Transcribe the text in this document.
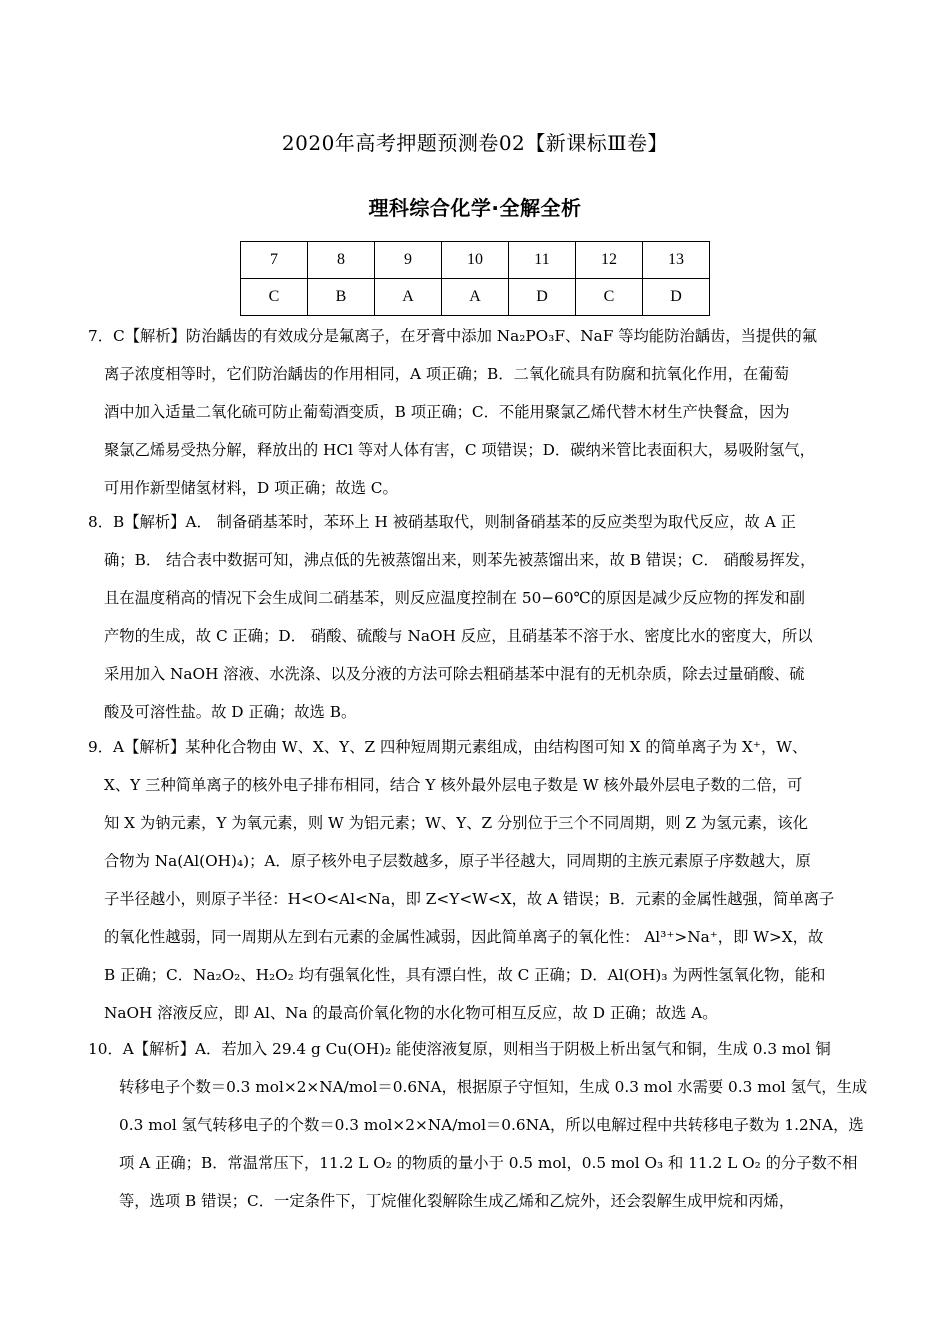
2020年高考押题预测卷02【新课标Ⅲ卷】
理科综合化学·全解全析
7	8	9	10	11	12	13
C	B	A	A	D	C	D
7．C【解析】防治龋齿的有效成分是氟离子，在牙膏中添加 Na₂PO₃F、NaF 等均能防治龋齿，当提供的氟
离子浓度相等时，它们防治龋齿的作用相同，A 项正确；B．二氧化硫具有防腐和抗氧化作用，在葡萄
酒中加入适量二氧化硫可防止葡萄酒变质，B 项正确；C．不能用聚氯乙烯代替木材生产快餐盒，因为
聚氯乙烯易受热分解，释放出的 HCl 等对人体有害，C 项错误；D．碳纳米管比表面积大，易吸附氢气，
可用作新型储氢材料，D 项正确；故选 C。
8．B【解析】A． 制备硝基苯时，苯环上 H 被硝基取代，则制备硝基苯的反应类型为取代反应，故 A 正
确；B． 结合表中数据可知，沸点低的先被蒸馏出来，则苯先被蒸馏出来，故 B 错误；C． 硝酸易挥发，
且在温度稍高的情况下会生成间二硝基苯，则反应温度控制在 50−60℃的原因是减少反应物的挥发和副
产物的生成，故 C 正确；D． 硝酸、硫酸与 NaOH 反应，且硝基苯不溶于水、密度比水的密度大，所以
采用加入 NaOH 溶液、水洗涤、以及分液的方法可除去粗硝基苯中混有的无机杂质，除去过量硝酸、硫
酸及可溶性盐。故 D 正确；故选 B。
9．A【解析】某种化合物由 W、X、Y、Z 四种短周期元素组成，由结构图可知 X 的简单离子为 X⁺，W、
X、Y 三种简单离子的核外电子排布相同，结合 Y 核外最外层电子数是 W 核外最外层电子数的二倍，可
知 X 为钠元素，Y 为氧元素，则 W 为铝元素；W、Y、Z 分别位于三个不同周期，则 Z 为氢元素，该化
合物为 Na(Al(OH)₄)；A．原子核外电子层数越多，原子半径越大，同周期的主族元素原子序数越大，原
子半径越小，则原子半径：H<O<Al<Na，即 Z<Y<W<X，故 A 错误；B．元素的金属性越强，简单离子
的氧化性越弱，同一周期从左到右元素的金属性减弱，因此简单离子的氧化性： Al³⁺>Na⁺，即 W>X，故
B 正确；C．Na₂O₂、H₂O₂ 均有强氧化性，具有漂白性，故 C 正确；D．Al(OH)₃ 为两性氢氧化物，能和
NaOH 溶液反应，即 Al、Na 的最高价氧化物的水化物可相互反应，故 D 正确；故选 A。
10．A【解析】A．若加入 29.4 g Cu(OH)₂ 能使溶液复原，则相当于阴极上析出氢气和铜，生成 0.3 mol 铜
转移电子个数＝0.3 mol×2×NA/mol＝0.6NA，根据原子守恒知，生成 0.3 mol 水需要 0.3 mol 氢气，生成
0.3 mol 氢气转移电子的个数＝0.3 mol×2×NA/mol＝0.6NA，所以电解过程中共转移电子数为 1.2NA，选
项 A 正确；B．常温常压下，11.2 L O₂ 的物质的量小于 0.5 mol，0.5 mol O₃ 和 11.2 L O₂ 的分子数不相
等，选项 B 错误；C．一定条件下，丁烷催化裂解除生成乙烯和乙烷外，还会裂解生成甲烷和丙烯，
